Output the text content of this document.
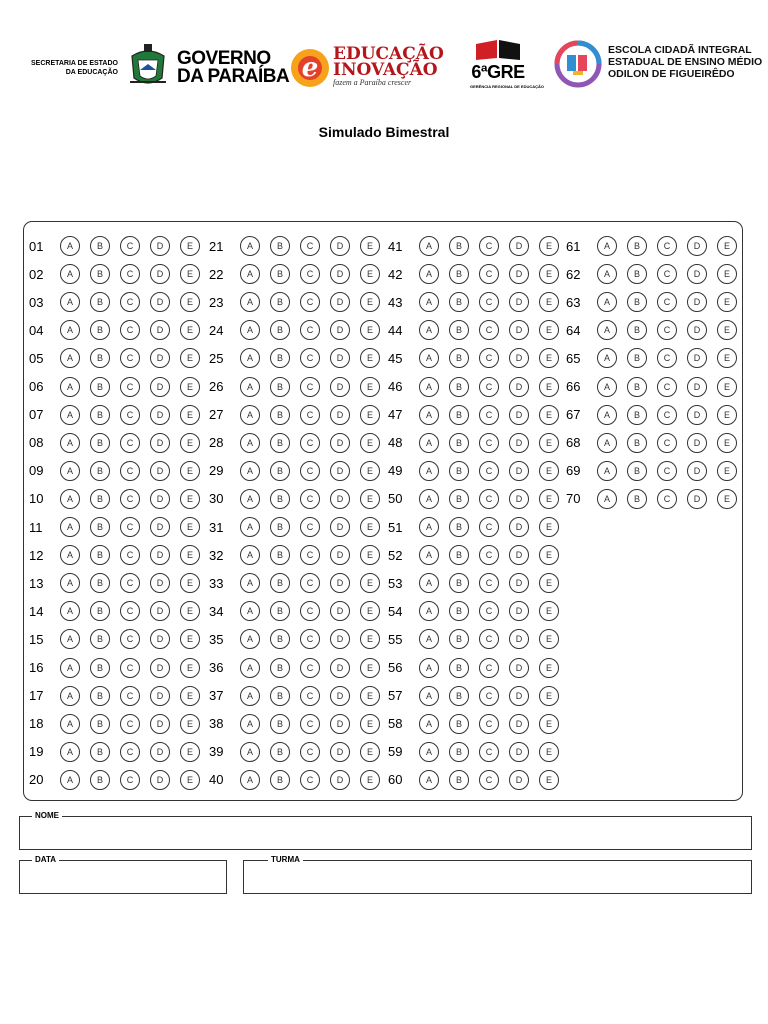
SECRETARIA DE ESTADO
DA EDUCAÇÃO
GOVERNO
DA PARAÍBA e EDUCAÇÃO
INOVAÇÃO
fazem a Paraíba crescer
6ªGRE
GERÊNCIA REGIONAL DE EDUCAÇÃO
ESCOLA CIDADÃ INTEGRAL
ESTADUAL DE ENSINO MÉDIO
ODILON DE FIGUEIRÊDO
Simulado Bimestral
01	A	B	C	D	E
02	A	B	C	D	E
03	A	B	C	D	E
04	A	B	C	D	E
05	A	B	C	D	E
06	A	B	C	D	E
07	A	B	C	D	E
08	A	B	C	D	E
09	A	B	C	D	E
10	A	B	C	D	E
11	A	B	C	D	E
12	A	B	C	D	E
13	A	B	C	D	E
14	A	B	C	D	E
15	A	B	C	D	E
16	A	B	C	D	E
17	A	B	C	D	E
18	A	B	C	D	E
19	A	B	C	D	E
20	A	B	C	D	E
21	A	B	C	D	E
22	A	B	C	D	E
23	A	B	C	D	E
24	A	B	C	D	E
25	A	B	C	D	E
26	A	B	C	D	E
27	A	B	C	D	E
28	A	B	C	D	E
29	A	B	C	D	E
30	A	B	C	D	E
31	A	B	C	D	E
32	A	B	C	D	E
33	A	B	C	D	E
34	A	B	C	D	E
35	A	B	C	D	E
36	A	B	C	D	E
37	A	B	C	D	E
38	A	B	C	D	E
39	A	B	C	D	E
40	A	B	C	D	E
41	A	B	C	D	E
42	A	B	C	D	E
43	A	B	C	D	E
44	A	B	C	D	E
45	A	B	C	D	E
46	A	B	C	D	E
47	A	B	C	D	E
48	A	B	C	D	E
49	A	B	C	D	E
50	A	B	C	D	E
51	A	B	C	D	E
52	A	B	C	D	E
53	A	B	C	D	E
54	A	B	C	D	E
55	A	B	C	D	E
56	A	B	C	D	E
57	A	B	C	D	E
58	A	B	C	D	E
59	A	B	C	D	E
60	A	B	C	D	E
61	A	B	C	D	E
62	A	B	C	D	E
63	A	B	C	D	E
64	A	B	C	D	E
65	A	B	C	D	E
66	A	B	C	D	E
67	A	B	C	D	E
68	A	B	C	D	E
69	A	B	C	D	E
70	A	B	C	D	E
NOME
DATA	TURMA
